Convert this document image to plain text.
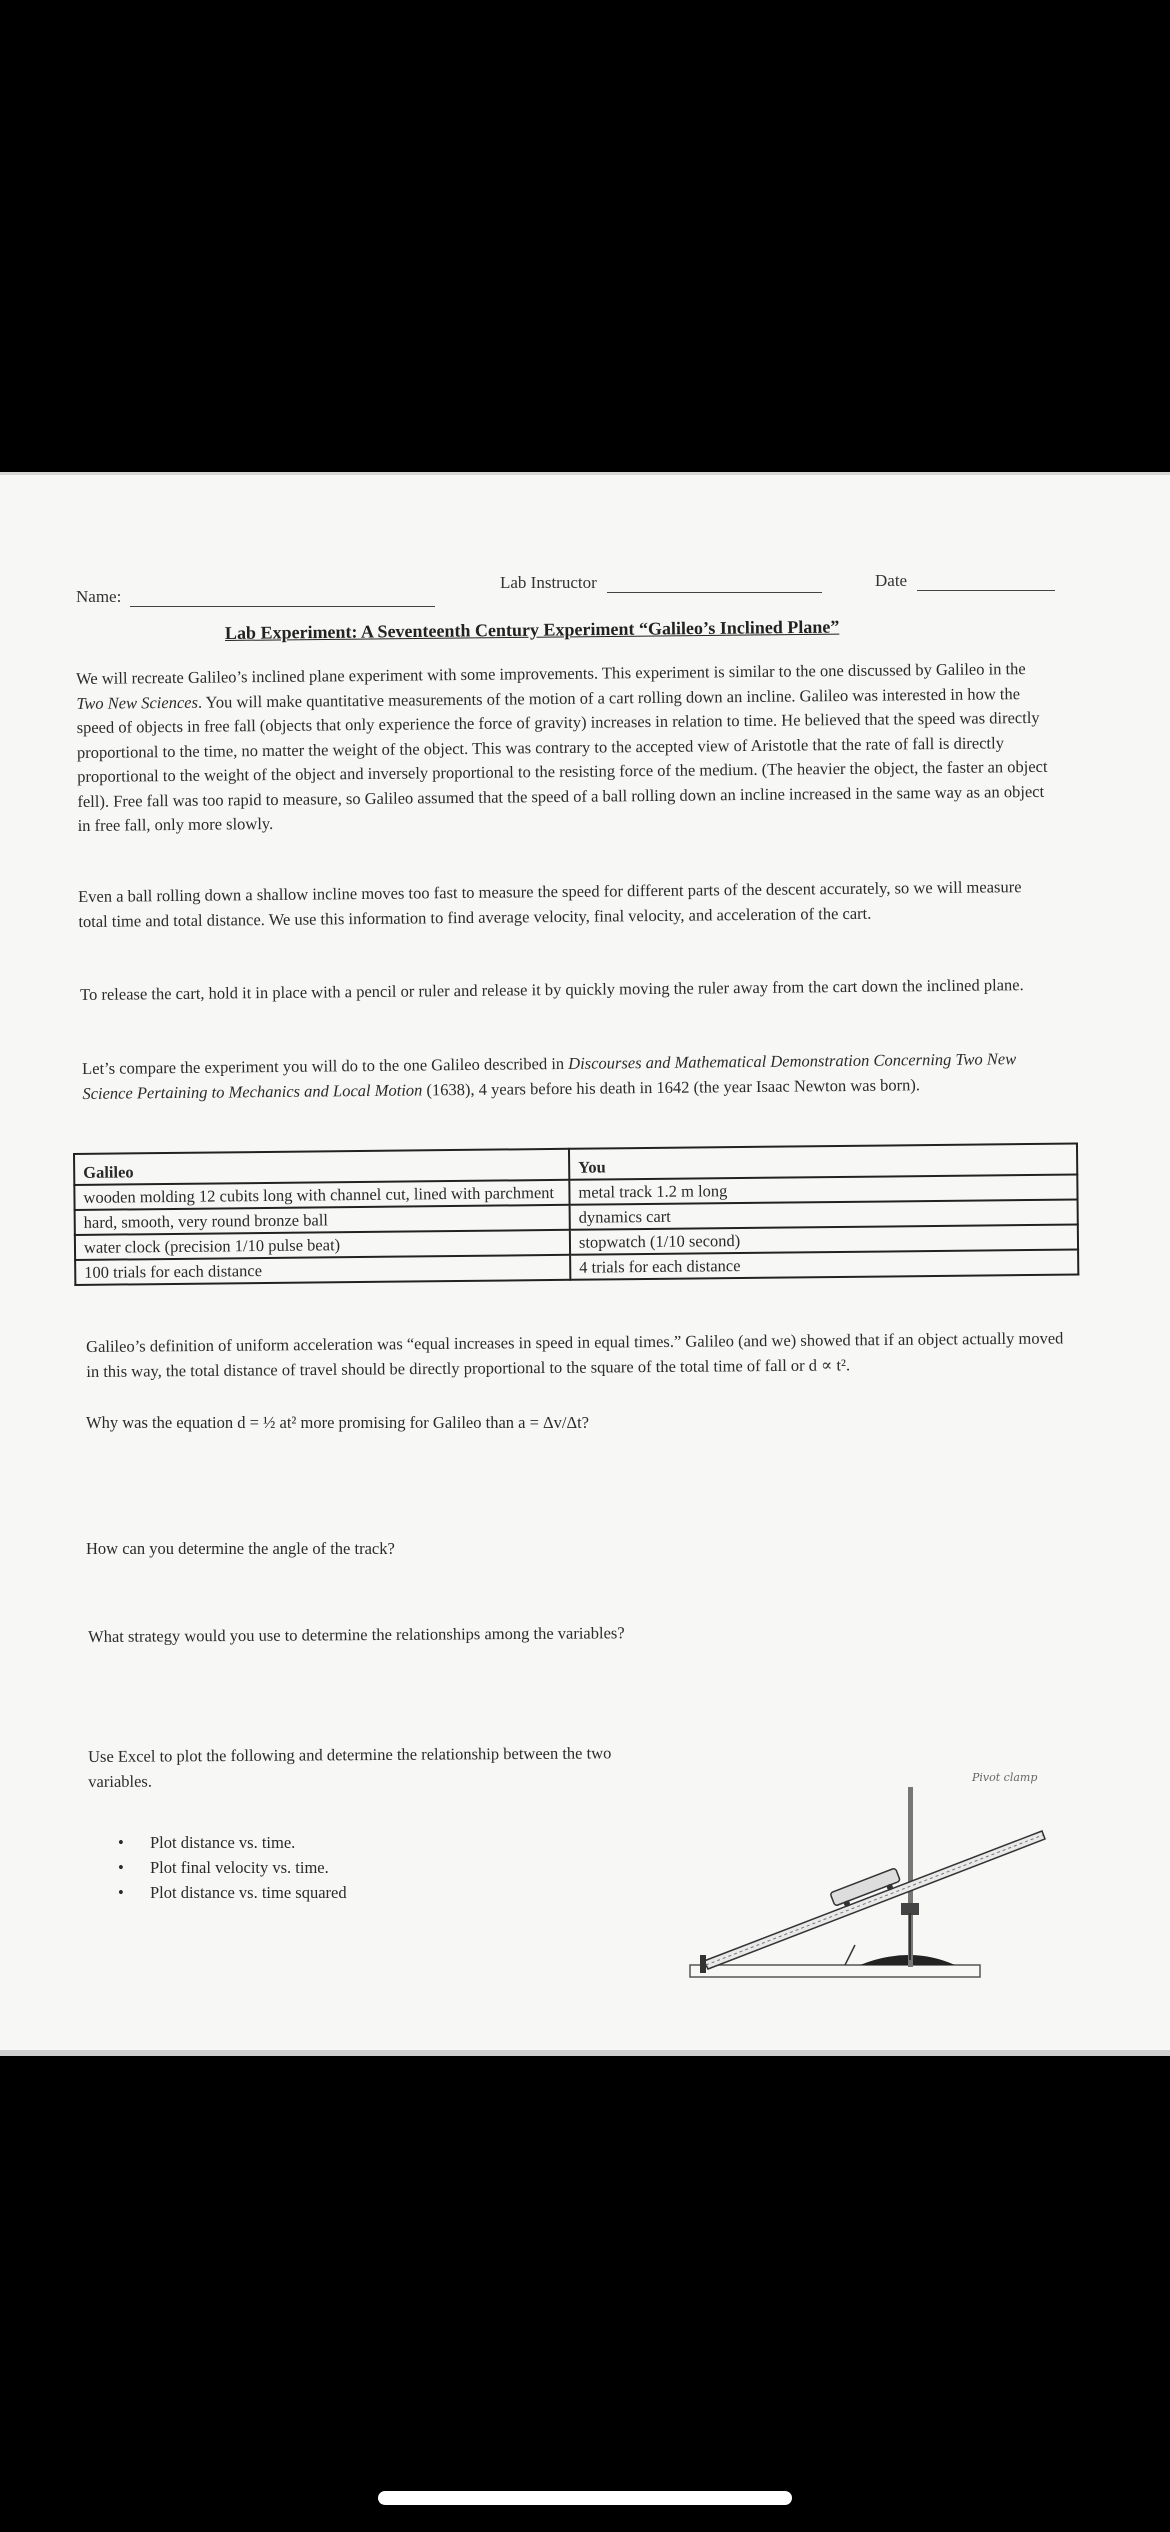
Name:
Lab Instructor	Date
Lab Experiment: A Seventeenth Century Experiment “Galileo’s Inclined Plane”
We will recreate Galileo’s inclined plane experiment with some improvements. This experiment is similar to the one discussed by Galileo in the Two New Sciences. You will make quantitative measurements of the motion of a cart rolling down an incline. Galileo was interested in how the speed of objects in free fall (objects that only experience the force of gravity) increases in relation to time. He believed that the speed was directly proportional to the time, no matter the weight of the object. This was contrary to the accepted view of Aristotle that the rate of fall is directly proportional to the weight of the object and inversely proportional to the resisting force of the medium. (The heavier the object, the faster an object fell). Free fall was too rapid to measure, so Galileo assumed that the speed of a ball rolling down an incline increased in the same way as an object in free fall, only more slowly.
Even a ball rolling down a shallow incline moves too fast to measure the speed for different parts of the descent accurately, so we will measure total time and total distance. We use this information to find average velocity, final velocity, and acceleration of the cart.
To release the cart, hold it in place with a pencil or ruler and release it by quickly moving the ruler away from the cart down the inclined plane.
Let’s compare the experiment you will do to the one Galileo described in Discourses and Mathematical Demonstration Concerning Two New Science Pertaining to Mechanics and Local Motion (1638), 4 years before his death in 1642 (the year Isaac Newton was born).
Galileo	You
wooden molding 12 cubits long with channel cut, lined with parchment	metal track 1.2 m long
hard, smooth, very round bronze ball	dynamics cart
water clock (precision 1/10 pulse beat)	stopwatch (1/10 second)
100 trials for each distance	4 trials for each distance
Galileo’s definition of uniform acceleration was “equal increases in speed in equal times.” Galileo (and we) showed that if an object actually moved in this way, the total distance of travel should be directly proportional to the square of the total time of fall or d ∝ t².
Why was the equation d = ½ at² more promising for Galileo than a = Δv/Δt?
How can you determine the angle of the track?
What strategy would you use to determine the relationships among the variables?
Use Excel to plot the following and determine the relationship between the two variables.
• Plot distance vs. time.
• Plot final velocity vs. time.
• Plot distance vs. time squared
Pivot clamp
